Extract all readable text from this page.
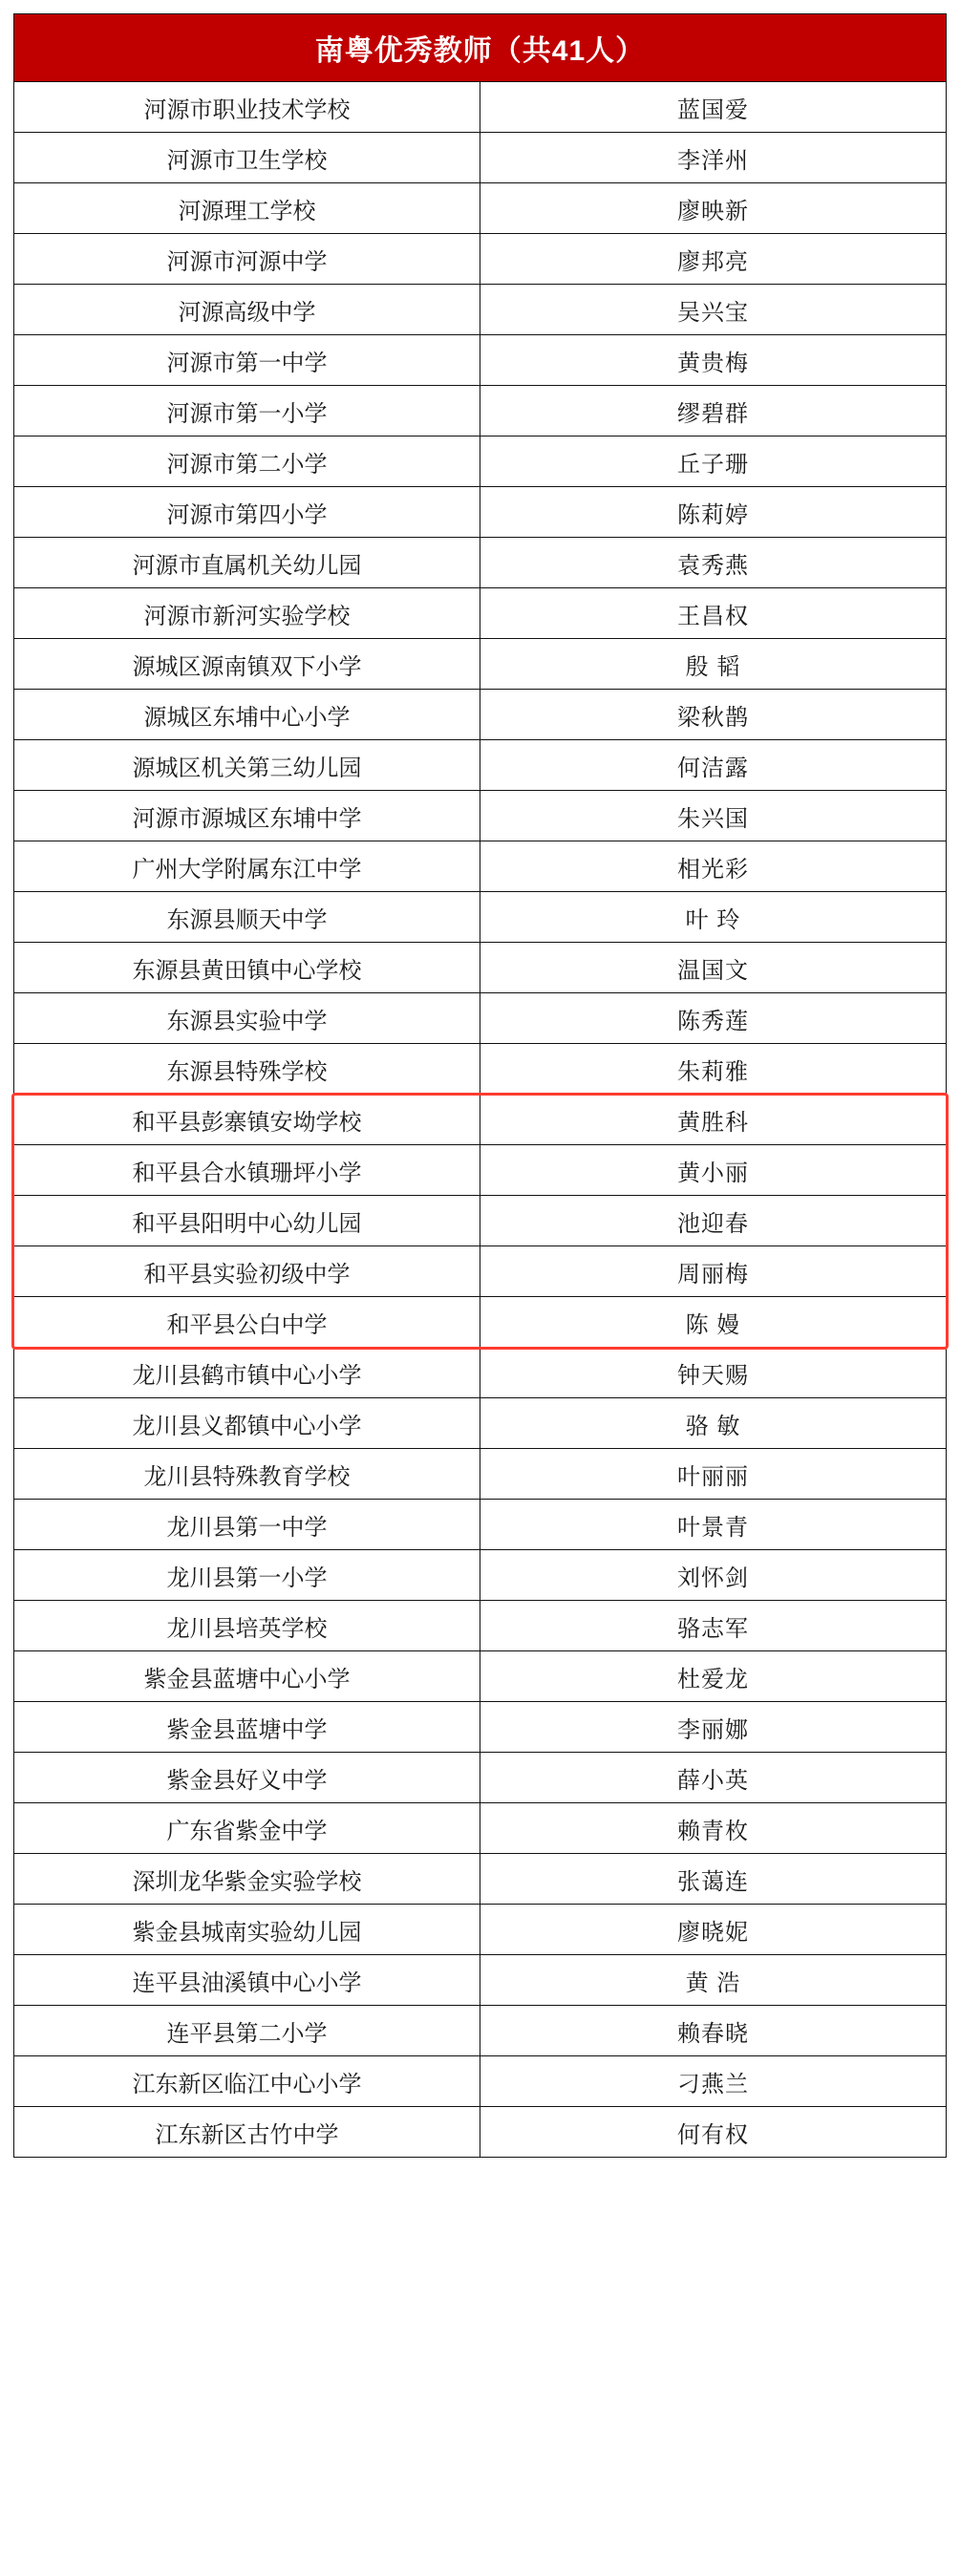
南粤优秀教师（共41人）	
河源市职业技术学校	蓝国爱
河源市卫生学校	李洋州
河源理工学校	廖映新
河源市河源中学	廖邦亮
河源高级中学	吴兴宝
河源市第一中学	黄贵梅
河源市第一小学	缪碧群
河源市第二小学	丘子珊
河源市第四小学	陈莉婷
河源市直属机关幼儿园	袁秀燕
河源市新河实验学校	王昌权
源城区源南镇双下小学	殷 韬
源城区东埔中心小学	梁秋鹊
源城区机关第三幼儿园	何洁露
河源市源城区东埔中学	朱兴国
广州大学附属东江中学	相光彩
东源县顺天中学	叶 玲
东源县黄田镇中心学校	温国文
东源县实验中学	陈秀莲
东源县特殊学校	朱莉雅
和平县彭寨镇安坳学校	黄胜科
和平县合水镇珊坪小学	黄小丽
和平县阳明中心幼儿园	池迎春
和平县实验初级中学	周丽梅
和平县公白中学	陈 嫚
龙川县鹤市镇中心小学	钟天赐
龙川县义都镇中心小学	骆 敏
龙川县特殊教育学校	叶丽丽
龙川县第一中学	叶景青
龙川县第一小学	刘怀剑
龙川县培英学校	骆志军
紫金县蓝塘中心小学	杜爱龙
紫金县蓝塘中学	李丽娜
紫金县好义中学	薛小英
广东省紫金中学	赖青枚
深圳龙华紫金实验学校	张蔼连
紫金县城南实验幼儿园	廖晓妮
连平县油溪镇中心小学	黄 浩
连平县第二小学	赖春晓
江东新区临江中心小学	刁燕兰
江东新区古竹中学	何有权
